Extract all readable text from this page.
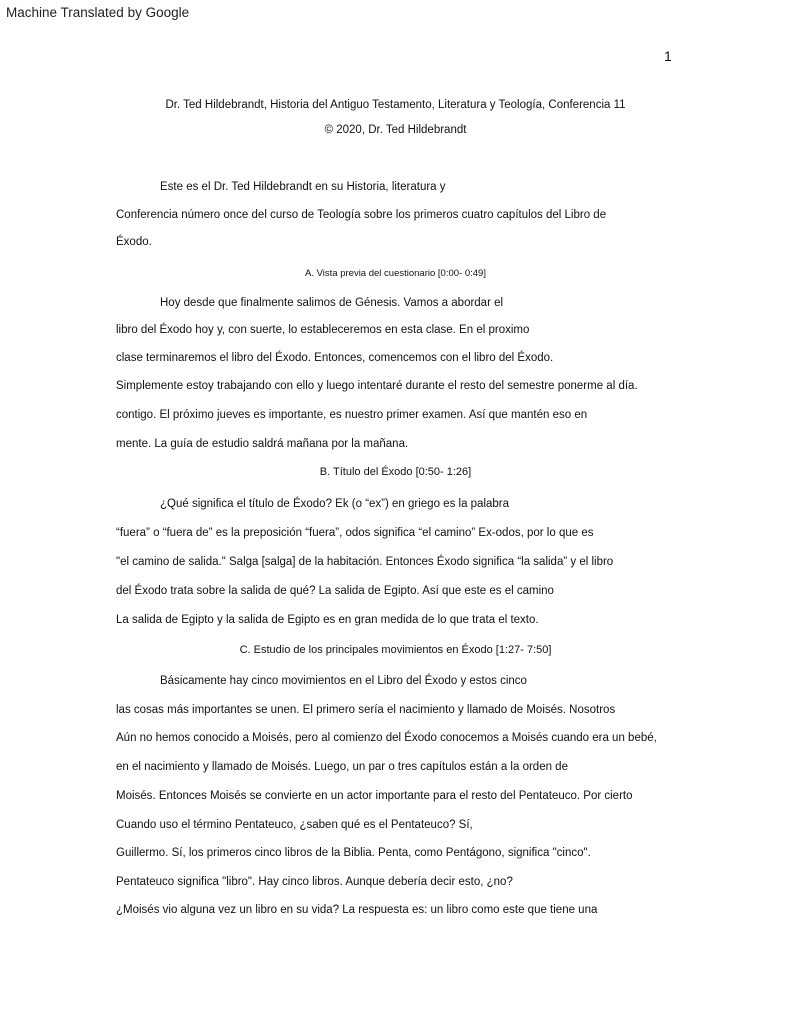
Machine Translated by Google
1
Dr. Ted Hildebrandt, Historia del Antiguo Testamento, Literatura y Teología, Conferencia 11
© 2020, Dr. Ted Hildebrandt
Este es el Dr. Ted Hildebrandt en su Historia, literatura y
Conferencia número once del curso de Teología sobre los primeros cuatro capítulos del Libro de
Éxodo.
A. Vista previa del cuestionario [0:00- 0:49]
Hoy desde que finalmente salimos de Génesis. Vamos a abordar el
libro del Éxodo hoy y, con suerte, lo estableceremos en esta clase. En el proximo
clase terminaremos el libro del Éxodo. Entonces, comencemos con el libro del Éxodo.
Simplemente estoy trabajando con ello y luego intentaré durante el resto del semestre ponerme al día.
contigo. El próximo jueves es importante, es nuestro primer examen. Así que mantén eso en
mente. La guía de estudio saldrá mañana por la mañana.
B. Título del Éxodo [0:50- 1:26]
¿Qué significa el título de Éxodo? Ek (o “ex”) en griego es la palabra
“fuera” o “fuera de” es la preposición “fuera”, odos significa “el camino” Ex-odos, por lo que es
"el camino de salida." Salga [salga] de la habitación. Entonces Éxodo significa “la salida” y el libro
del Éxodo trata sobre la salida de qué? La salida de Egipto. Así que este es el camino
La salida de Egipto y la salida de Egipto es en gran medida de lo que trata el texto.
C. Estudio de los principales movimientos en Éxodo [1:27- 7:50]
Básicamente hay cinco movimientos en el Libro del Éxodo y estos cinco
las cosas más importantes se unen. El primero sería el nacimiento y llamado de Moisés. Nosotros
Aún no hemos conocido a Moisés, pero al comienzo del Éxodo conocemos a Moisés cuando era un bebé,
en el nacimiento y llamado de Moisés. Luego, un par o tres capítulos están a la orden de
Moisés. Entonces Moisés se convierte en un actor importante para el resto del Pentateuco. Por cierto
Cuando uso el término Pentateuco, ¿saben qué es el Pentateuco? Sí,
Guillermo. Sí, los primeros cinco libros de la Biblia. Penta, como Pentágono, significa "cinco".
Pentateuco significa "libro". Hay cinco libros. Aunque debería decir esto, ¿no?
¿Moisés vio alguna vez un libro en su vida? La respuesta es: un libro como este que tiene una
